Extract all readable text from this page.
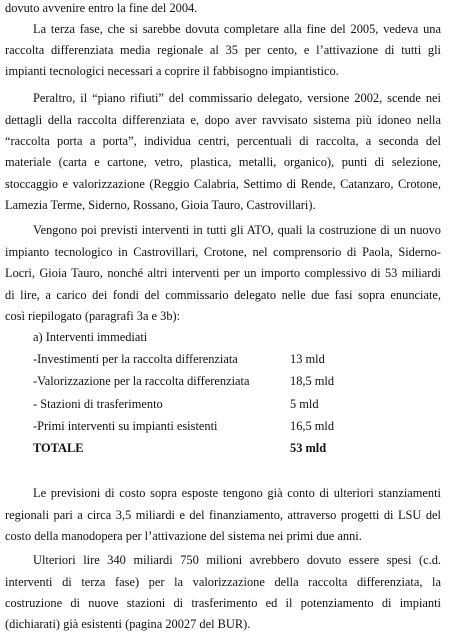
dovuto avvenire entro la fine del 2004.
La terza fase, che si sarebbe dovuta completare alla fine del 2005, vedeva una
raccolta differenziata media regionale al 35 per cento, e l’attivazione di tutti gli
impianti tecnologici necessari a coprire il fabbisogno impiantistico.
Peraltro, il “piano rifiuti” del commissario delegato, versione 2002, scende nei
dettagli della raccolta differenziata e, dopo aver ravvisato sistema più idoneo nella
“raccolta porta a porta”, individua centri, percentuali di raccolta, a seconda del
materiale (carta e cartone, vetro, plastica, metalli, organico), punti di selezione,
stoccaggio e valorizzazione (Reggio Calabria, Settimo di Rende, Catanzaro, Crotone,
Lamezia Terme, Siderno, Rossano, Gioia Tauro, Castrovillari).
Vengono poi previsti interventi in tutti gli ATO, quali la costruzione di un nuovo
impianto tecnologico in Castrovillari, Crotone, nel comprensorio di Paola, Siderno-
Locri, Gioia Tauro, nonché altri interventi per un importo complessivo di 53 miliardi
di lire, a carico dei fondi del commissario delegato nelle due fasi sopra enunciate,
così riepilogato (paragrafi 3a e 3b):
a) Interventi immediati
-Investimenti per la raccolta differenziata	13 mld
-Valorizzazione per la raccolta differenziata	18,5 mld
- Stazioni di trasferimento	5 mld
-Primi interventi su impianti esistenti	16,5 mld
TOTALE	53 mld
Le previsioni di costo sopra esposte tengono già conto di ulteriori stanziamenti
regionali pari a circa 3,5 miliardi e del finanziamento, attraverso progetti di LSU del
costo della manodopera per l’attivazione del sistema nei primi due anni.
Ulteriori lire 340 miliardi 750 milioni avrebbero dovuto essere spesi (c.d.
interventi di terza fase) per la valorizzazione della raccolta differenziata, la
costruzione di nuove stazioni di trasferimento ed il potenziamento di impianti
(dichiarati) già esistenti (pagina 20027 del BUR).
